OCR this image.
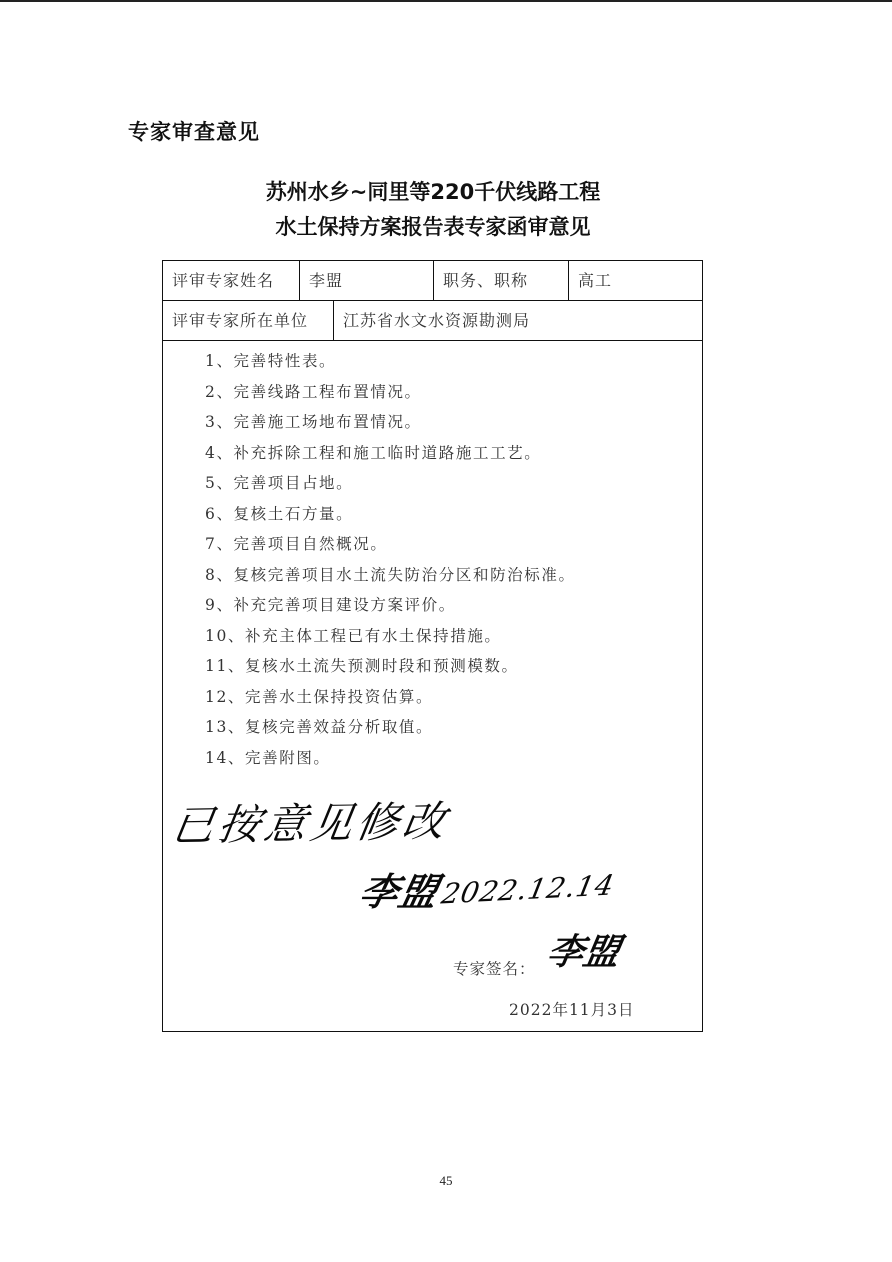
专家审查意见
苏州水乡~同里等220千伏线路工程
水土保持方案报告表专家函审意见
评审专家姓名	李盟	职务、职称	高工
评审专家所在单位	江苏省水文水资源勘测局
1、完善特性表。
2、完善线路工程布置情况。
3、完善施工场地布置情况。
4、补充拆除工程和施工临时道路施工工艺。
5、完善项目占地。
6、复核土石方量。
7、完善项目自然概况。
8、复核完善项目水土流失防治分区和防治标准。
9、补充完善项目建设方案评价。
10、补充主体工程已有水土保持措施。
11、复核水土流失预测时段和预测模数。
12、完善水土保持投资估算。
13、复核完善效益分析取值。
14、完善附图。
已按意见修改
李盟
2022.12.14
专家签名： 李盟
2022年11月3日
45
